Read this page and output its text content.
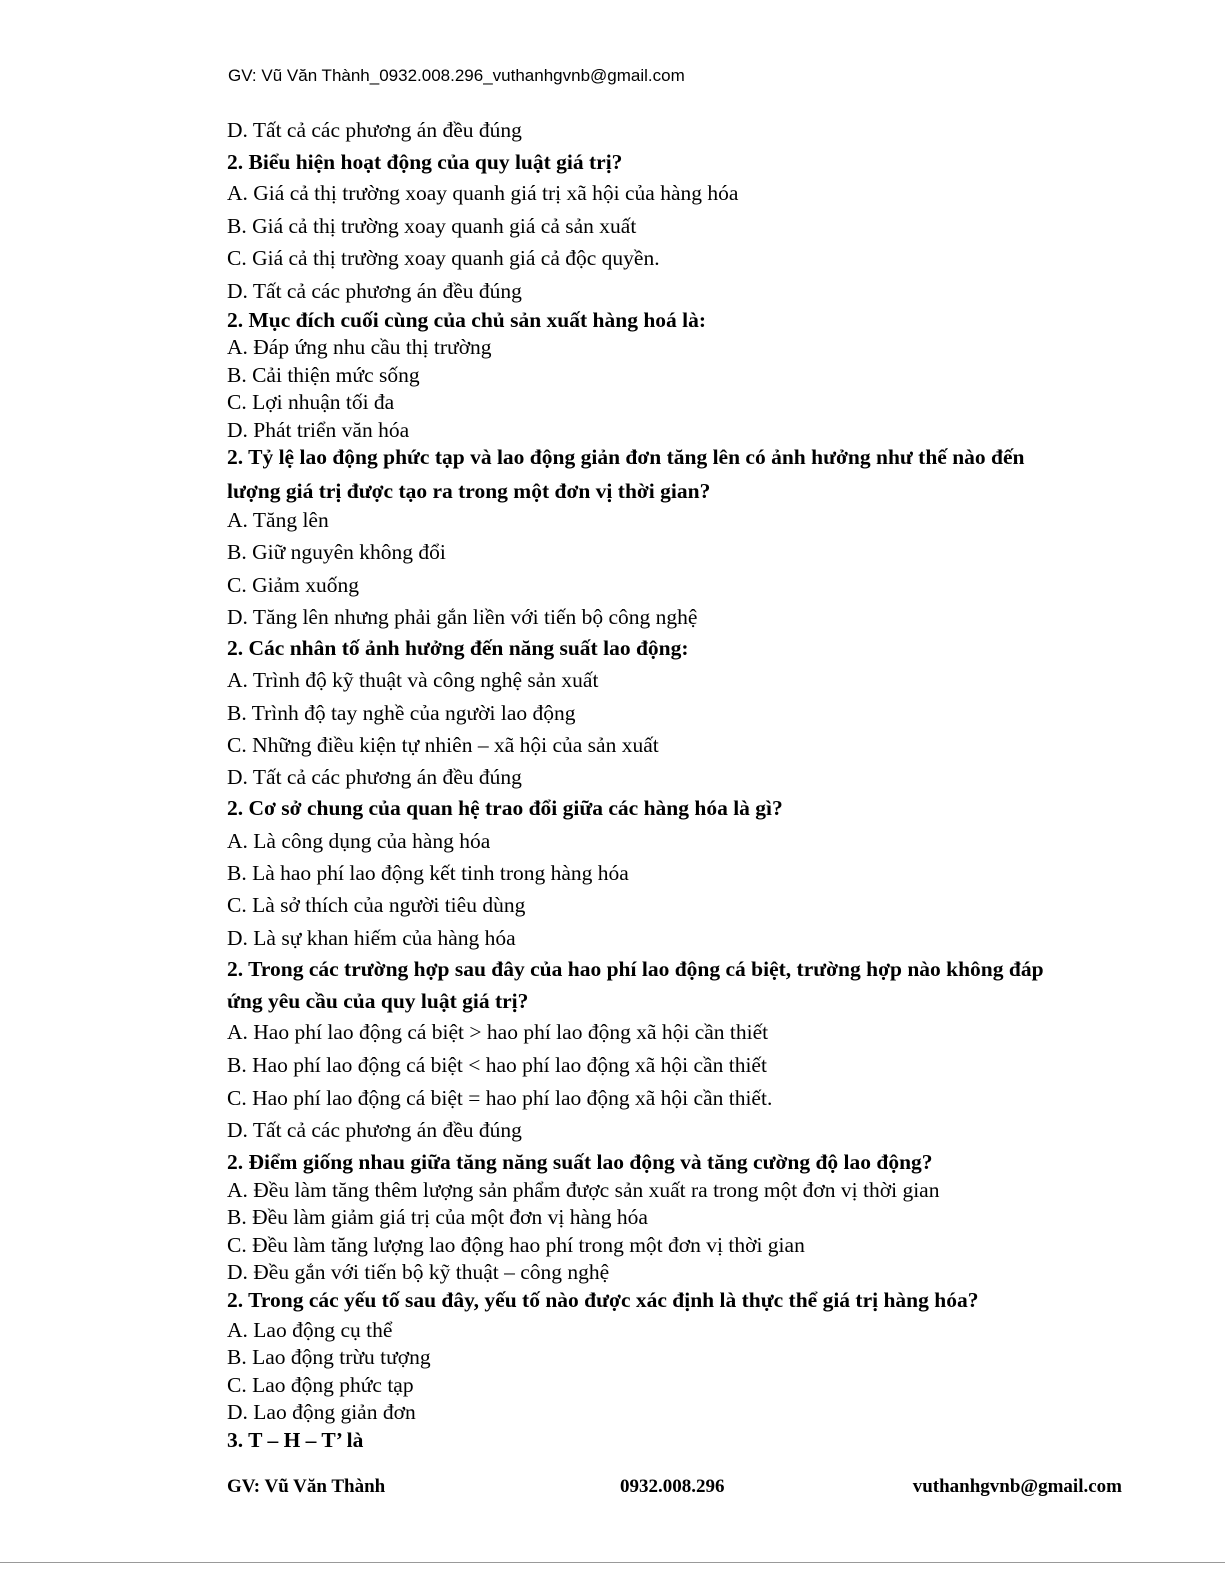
GV: Vũ Văn Thành_0932.008.296_vuthanhgvnb@gmail.com
D. Tất cả các phương án đều đúng
2. Biểu hiện hoạt động của quy luật giá trị?
A. Giá cả thị trường xoay quanh giá trị xã hội của hàng hóa
B. Giá cả thị trường xoay quanh giá cả sản xuất
C. Giá cả thị trường xoay quanh giá cả độc quyền.
D. Tất cả các phương án đều đúng
2. Mục đích cuối cùng của chủ sản xuất hàng hoá là:
A. Đáp ứng nhu cầu thị trường
B. Cải thiện mức sống
C. Lợi nhuận tối đa
D. Phát triển văn hóa
2. Tỷ lệ lao động phức tạp và lao động giản đơn tăng lên có ảnh hưởng như thế nào đến
lượng giá trị được tạo ra trong một đơn vị thời gian?
A. Tăng lên
B. Giữ nguyên không đổi
C. Giảm xuống
D. Tăng lên nhưng phải gắn liền với tiến bộ công nghệ
2. Các nhân tố ảnh hưởng đến năng suất lao động:
A. Trình độ kỹ thuật và công nghệ sản xuất
B. Trình độ tay nghề của người lao động
C. Những điều kiện tự nhiên – xã hội của sản xuất
D. Tất cả các phương án đều đúng
2. Cơ sở chung của quan hệ trao đổi giữa các hàng hóa là gì?
A. Là công dụng của hàng hóa
B. Là hao phí lao động kết tinh trong hàng hóa
C. Là sở thích của người tiêu dùng
D. Là sự khan hiếm của hàng hóa
2. Trong các trường hợp sau đây của hao phí lao động cá biệt, trường hợp nào không đáp
ứng yêu cầu của quy luật giá trị?
A. Hao phí lao động cá biệt > hao phí lao động xã hội cần thiết
B. Hao phí lao động cá biệt < hao phí lao động xã hội cần thiết
C. Hao phí lao động cá biệt = hao phí lao động xã hội cần thiết.
D. Tất cả các phương án đều đúng
2. Điểm giống nhau giữa tăng năng suất lao động và tăng cường độ lao động?
A. Đều làm tăng thêm lượng sản phẩm được sản xuất ra trong một đơn vị thời gian
B. Đều làm giảm giá trị của một đơn vị hàng hóa
C. Đều làm tăng lượng lao động hao phí trong một đơn vị thời gian
D. Đều gắn với tiến bộ kỹ thuật – công nghệ
2. Trong các yếu tố sau đây, yếu tố nào được xác định là thực thể giá trị hàng hóa?
A. Lao động cụ thể
B. Lao động trừu tượng
C. Lao động phức tạp
D. Lao động giản đơn
3. T – H – T’ là
GV: Vũ Văn Thành	0932.008.296	vuthanhgvnb@gmail.com
